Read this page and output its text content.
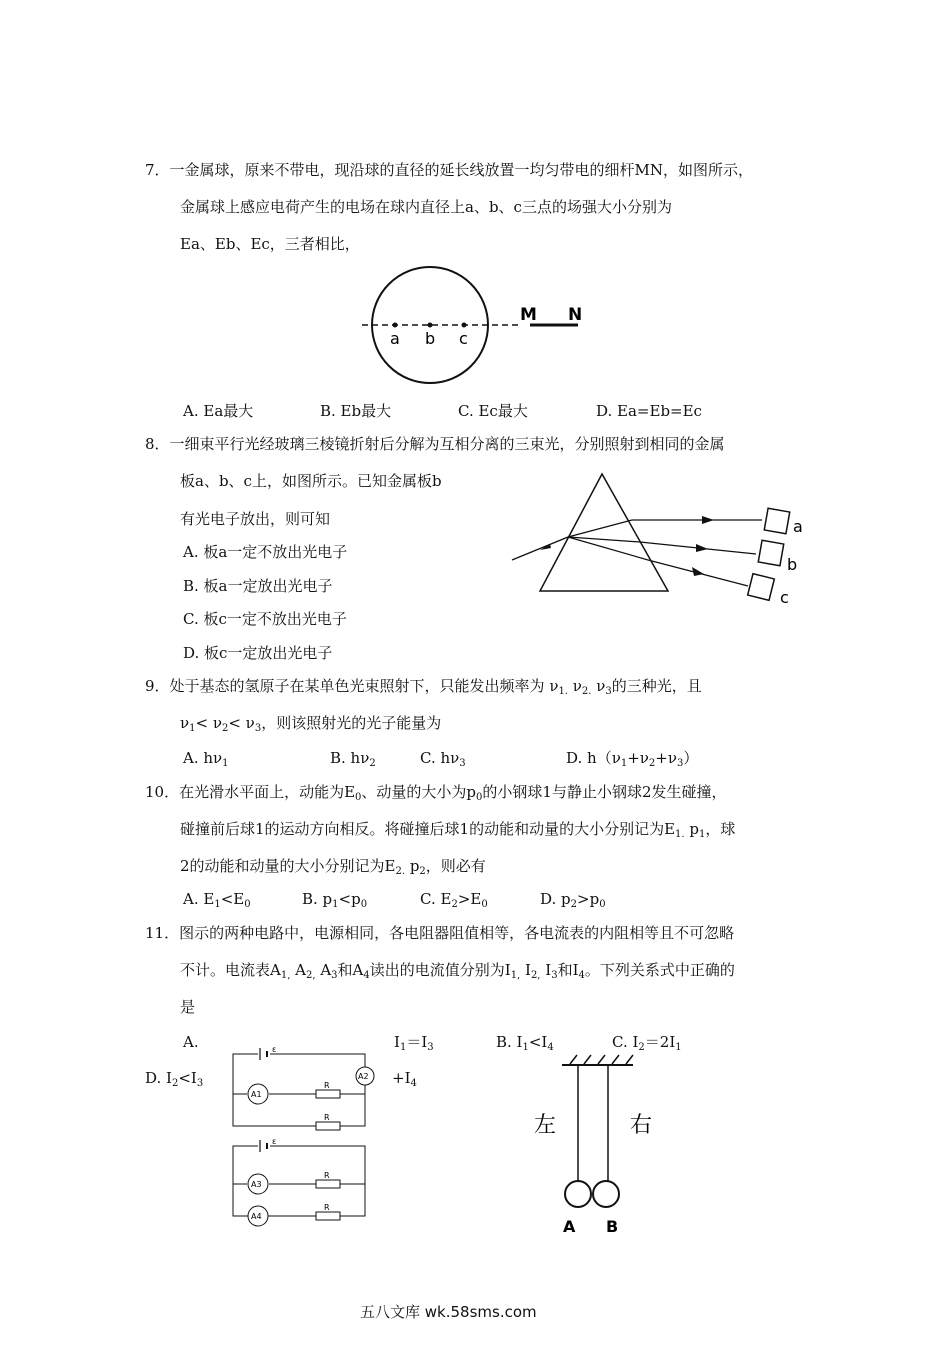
7．一金属球，原来不带电，现沿球的直径的延长线放置一均匀带电的细杆MN，如图所示，
金属球上感应电荷产生的电场在球内直径上a、b、c三点的场强大小分别为
Ea、Eb、Ec，三者相比，
a b c
M N
A. Ea最大	B. Eb最大	C. Ec最大	D. Ea=Eb=Ec
8．一细束平行光经玻璃三棱镜折射后分解为互相分离的三束光，分别照射到相同的金属
板a、b、c上，如图所示。已知金属板b
有光电子放出，则可知
A. 板a一定不放出光电子
B. 板a一定放出光电子
C. 板c一定不放出光电子
D. 板c一定放出光电子
a
b
c
9．处于基态的氢原子在某单色光束照射下，只能发出频率为 $\nu_{1.}$ $\nu_{2.}$ $\nu_3$的三种光，且
$\nu_1< \nu_2< \nu_3$，则该照射光的光子能量为
A. $h\nu_1$	B. $h\nu_2$	C. $h\nu_3$	D. $h(\nu_1+\nu_2+\nu_3)$
10．在光滑水平面上，动能为$E_0$、动量的大小为$p_0$的小钢球1与静止小钢球2发生碰撞，
碰撞前后球1的运动方向相反。将碰撞后球1的动能和动量的大小分别记为$E_{1.}$ $p_1$，球
2的动能和动量的大小分别记为$E_{2.}$ $p_2$，则必有
A. $E_1<E_0$	B. $p_1<p_0$	C. $E_2>E_0$	D. $p_2>p_0$
11．图示的两种电路中，电源相同，各电阻器阻值相等，各电流表的内阻相等且不可忽略
不计。电流表$A_{1,}$ $A_{2,}$ $A_3$和$A_4$读出的电流值分别为$I_{1,}$ $I_{2,}$ $I_3$和$I_4$。下列关系式中正确的
是
A.	$I_1=I_3$
$+I_4$
B. $I_1<I_4$	C. $I_2=2I_1$
D. $I_2<I_3$
ε
ε
R
R
R
R
A1
A2
A3
A4
左	右
A B
五八文库 wk.58sms.com
